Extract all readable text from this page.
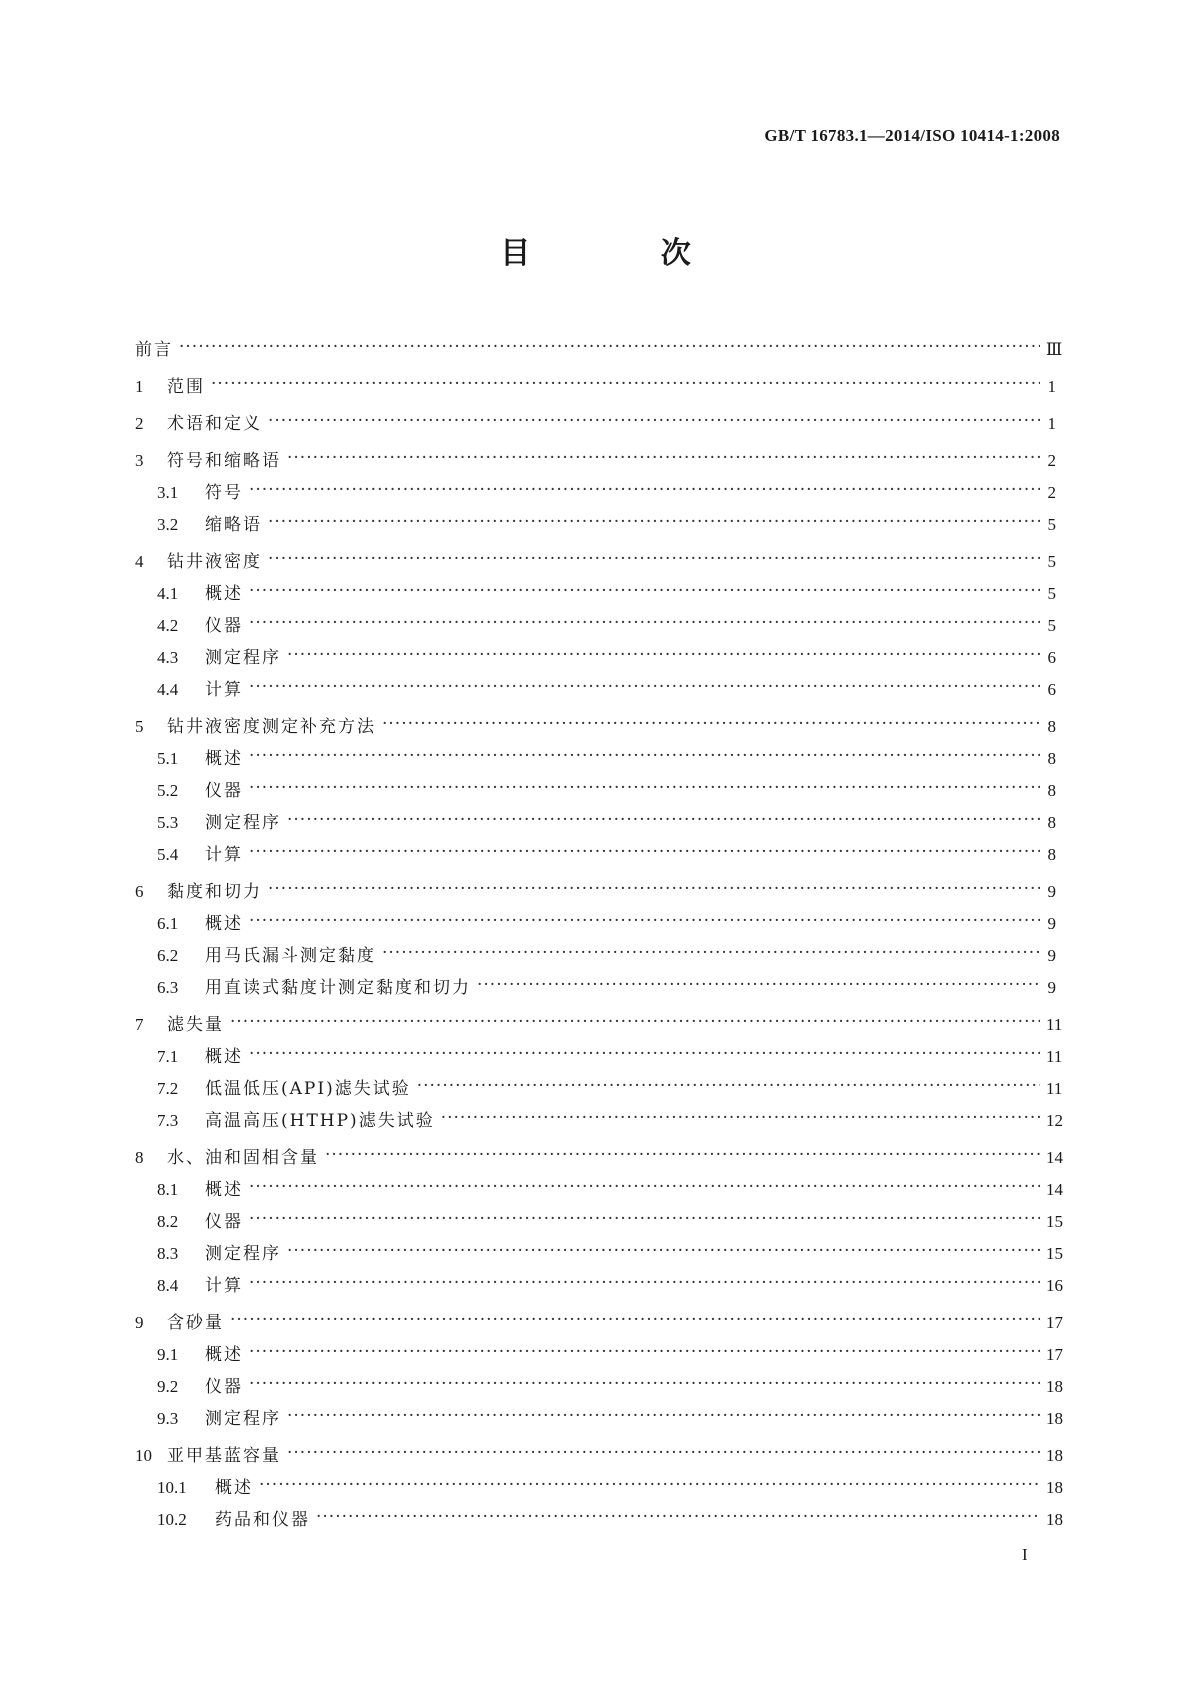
GB/T 16783.1—2014/ISO 10414-1:2008
目 次
前言 ·····	Ⅲ
1	范围 ·····	1
2	术语和定义 ·····	1
3	符号和缩略语 ·····	2
3.1	符号 ·····	2
3.2	缩略语 ·····	5
4	钻井液密度 ·····	5
4.1	概述 ·····	5
4.2	仪器 ·····	5
4.3	测定程序 ·····	6
4.4	计算 ·····	6
5	钻井液密度测定补充方法 ·····	8
5.1	概述 ·····	8
5.2	仪器 ·····	8
5.3	测定程序 ·····	8
5.4	计算 ·····	8
6	黏度和切力 ·····	9
6.1	概述 ·····	9
6.2	用马氏漏斗测定黏度 ·····	9
6.3	用直读式黏度计测定黏度和切力 ·····	9
7	滤失量 ·····	11
7.1	概述 ·····	11
7.2	低温低压(API)滤失试验 ·····	11
7.3	高温高压(HTHP)滤失试验 ·····	12
8	水、油和固相含量 ·····	14
8.1	概述 ·····	14
8.2	仪器 ·····	15
8.3	测定程序 ·····	15
8.4	计算 ·····	16
9	含砂量 ·····	17
9.1	概述 ·····	17
9.2	仪器 ·····	18
9.3	测定程序 ·····	18
10 亚甲基蓝容量 ·····	18
10.1	概述 ·····	18
10.2	药品和仪器 ·····	18
I
